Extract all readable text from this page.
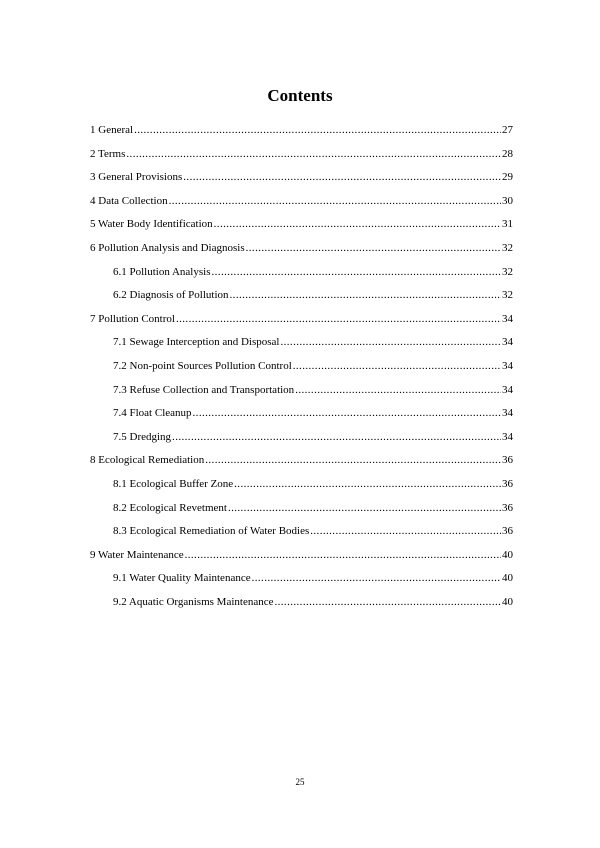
Contents
1 General .....	27
2 Terms .....	28
3 General Provisions .....	29
4 Data Collection .....	30
5 Water Body Identification .....	31
6 Pollution Analysis and Diagnosis .....	32
6.1 Pollution Analysis .....	32
6.2 Diagnosis of Pollution .....	32
7 Pollution Control .....	34
7.1 Sewage Interception and Disposal .....	34
7.2 Non-point Sources Pollution Control .....	34
7.3 Refuse Collection and Transportation .....	34
7.4 Float Cleanup .....	34
7.5 Dredging .....	34
8 Ecological Remediation .....	36
8.1 Ecological Buffer Zone .....	36
8.2 Ecological Revetment .....	36
8.3 Ecological Remediation of Water Bodies .....	36
9 Water Maintenance .....	40
9.1 Water Quality Maintenance .....	40
9.2 Aquatic Organisms Maintenance .....	40
25
